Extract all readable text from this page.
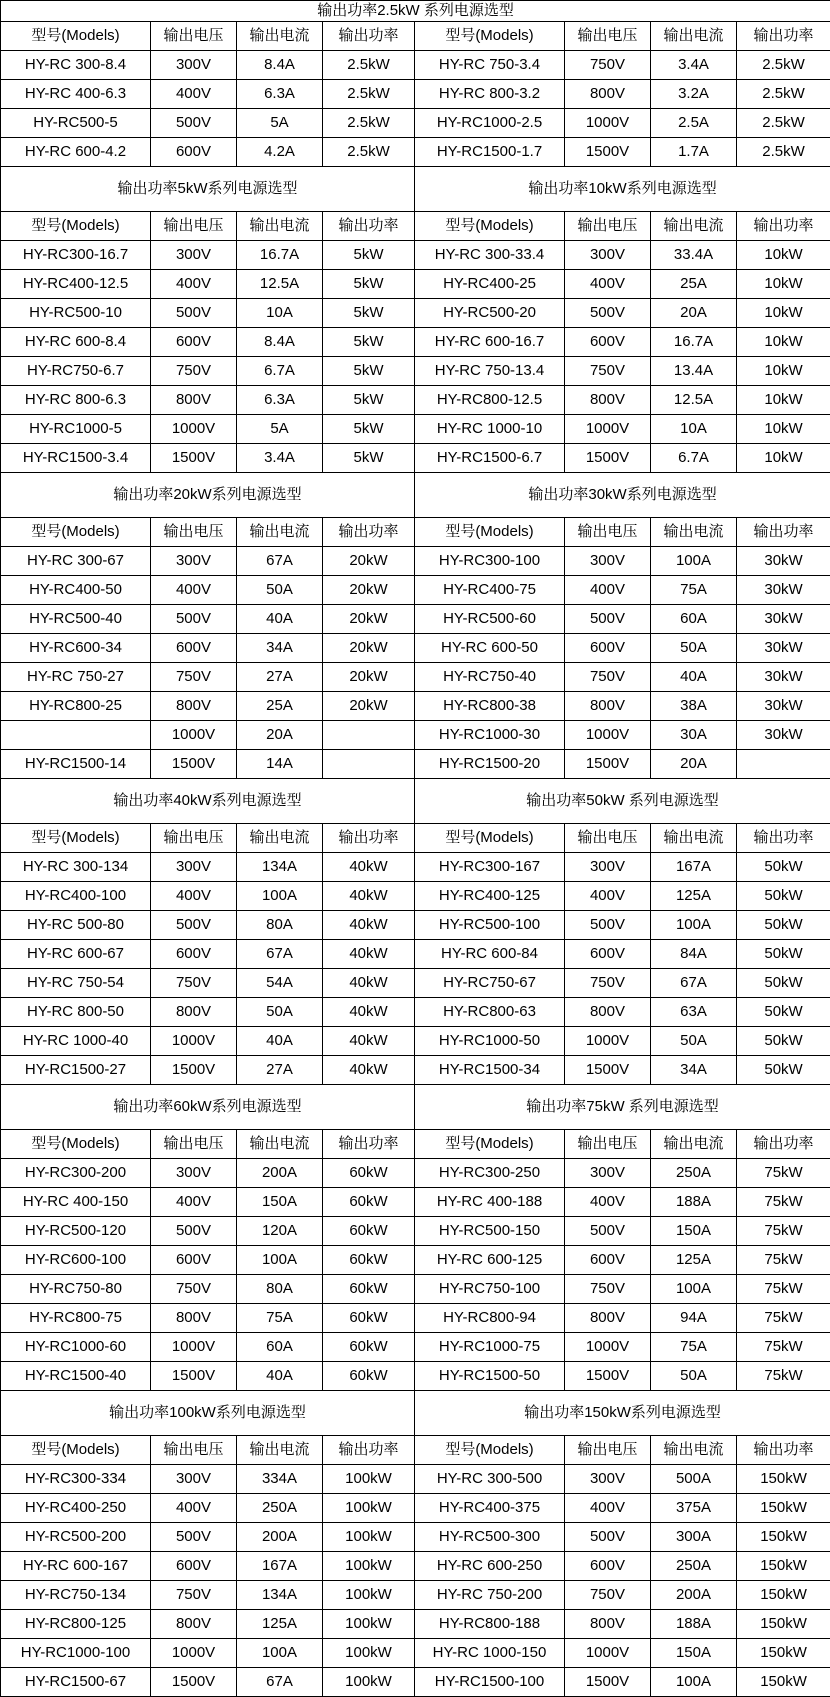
输出功率2.5kW 系列电源选型							
型号(Models)	输出电压	输出电流	输出功率	型号(Models)	输出电压	输出电流	输出功率
HY-RC 300-8.4	300V	8.4A	2.5kW	HY-RC 750-3.4	750V	3.4A	2.5kW
HY-RC 400-6.3	400V	6.3A	2.5kW	HY-RC 800-3.2	800V	3.2A	2.5kW
HY-RC500-5	500V	5A	2.5kW	HY-RC1000-2.5	1000V	2.5A	2.5kW
HY-RC 600-4.2	600V	4.2A	2.5kW	HY-RC1500-1.7	1500V	1.7A	2.5kW
输出功率5kW系列电源选型				输出功率10kW系列电源选型			
型号(Models)	输出电压	输出电流	输出功率	型号(Models)	输出电压	输出电流	输出功率
HY-RC300-16.7	300V	16.7A	5kW	HY-RC 300-33.4	300V	33.4A	10kW
HY-RC400-12.5	400V	12.5A	5kW	HY-RC400-25	400V	25A	10kW
HY-RC500-10	500V	10A	5kW	HY-RC500-20	500V	20A	10kW
HY-RC 600-8.4	600V	8.4A	5kW	HY-RC 600-16.7	600V	16.7A	10kW
HY-RC750-6.7	750V	6.7A	5kW	HY-RC 750-13.4	750V	13.4A	10kW
HY-RC 800-6.3	800V	6.3A	5kW	HY-RC800-12.5	800V	12.5A	10kW
HY-RC1000-5	1000V	5A	5kW	HY-RC 1000-10	1000V	10A	10kW
HY-RC1500-3.4	1500V	3.4A	5kW	HY-RC1500-6.7	1500V	6.7A	10kW
输出功率20kW系列电源选型				输出功率30kW系列电源选型			
型号(Models)	输出电压	输出电流	输出功率	型号(Models)	输出电压	输出电流	输出功率
HY-RC 300-67	300V	67A	20kW	HY-RC300-100	300V	100A	30kW
HY-RC400-50	400V	50A	20kW	HY-RC400-75	400V	75A	30kW
HY-RC500-40	500V	40A	20kW	HY-RC500-60	500V	60A	30kW
HY-RC600-34	600V	34A	20kW	HY-RC 600-50	600V	50A	30kW
HY-RC 750-27	750V	27A	20kW	HY-RC750-40	750V	40A	30kW
HY-RC800-25	800V	25A	20kW	HY-RC800-38	800V	38A	30kW
	1000V	20A		HY-RC1000-30	1000V	30A	30kW
HY-RC1500-14	1500V	14A		HY-RC1500-20	1500V	20A	
输出功率40kW系列电源选型				输出功率50kW 系列电源选型			
型号(Models)	输出电压	输出电流	输出功率	型号(Models)	输出电压	输出电流	输出功率
HY-RC 300-134	300V	134A	40kW	HY-RC300-167	300V	167A	50kW
HY-RC400-100	400V	100A	40kW	HY-RC400-125	400V	125A	50kW
HY-RC 500-80	500V	80A	40kW	HY-RC500-100	500V	100A	50kW
HY-RC 600-67	600V	67A	40kW	HY-RC 600-84	600V	84A	50kW
HY-RC 750-54	750V	54A	40kW	HY-RC750-67	750V	67A	50kW
HY-RC 800-50	800V	50A	40kW	HY-RC800-63	800V	63A	50kW
HY-RC 1000-40	1000V	40A	40kW	HY-RC1000-50	1000V	50A	50kW
HY-RC1500-27	1500V	27A	40kW	HY-RC1500-34	1500V	34A	50kW
输出功率60kW系列电源选型				输出功率75kW 系列电源选型			
型号(Models)	输出电压	输出电流	输出功率	型号(Models)	输出电压	输出电流	输出功率
HY-RC300-200	300V	200A	60kW	HY-RC300-250	300V	250A	75kW
HY-RC 400-150	400V	150A	60kW	HY-RC 400-188	400V	188A	75kW
HY-RC500-120	500V	120A	60kW	HY-RC500-150	500V	150A	75kW
HY-RC600-100	600V	100A	60kW	HY-RC 600-125	600V	125A	75kW
HY-RC750-80	750V	80A	60kW	HY-RC750-100	750V	100A	75kW
HY-RC800-75	800V	75A	60kW	HY-RC800-94	800V	94A	75kW
HY-RC1000-60	1000V	60A	60kW	HY-RC1000-75	1000V	75A	75kW
HY-RC1500-40	1500V	40A	60kW	HY-RC1500-50	1500V	50A	75kW
输出功率100kW系列电源选型				输出功率150kW系列电源选型			
型号(Models)	输出电压	输出电流	输出功率	型号(Models)	输出电压	输出电流	输出功率
HY-RC300-334	300V	334A	100kW	HY-RC 300-500	300V	500A	150kW
HY-RC400-250	400V	250A	100kW	HY-RC400-375	400V	375A	150kW
HY-RC500-200	500V	200A	100kW	HY-RC500-300	500V	300A	150kW
HY-RC 600-167	600V	167A	100kW	HY-RC 600-250	600V	250A	150kW
HY-RC750-134	750V	134A	100kW	HY-RC 750-200	750V	200A	150kW
HY-RC800-125	800V	125A	100kW	HY-RC800-188	800V	188A	150kW
HY-RC1000-100	1000V	100A	100kW	HY-RC 1000-150	1000V	150A	150kW
HY-RC1500-67	1500V	67A	100kW	HY-RC1500-100	1500V	100A	150kW
